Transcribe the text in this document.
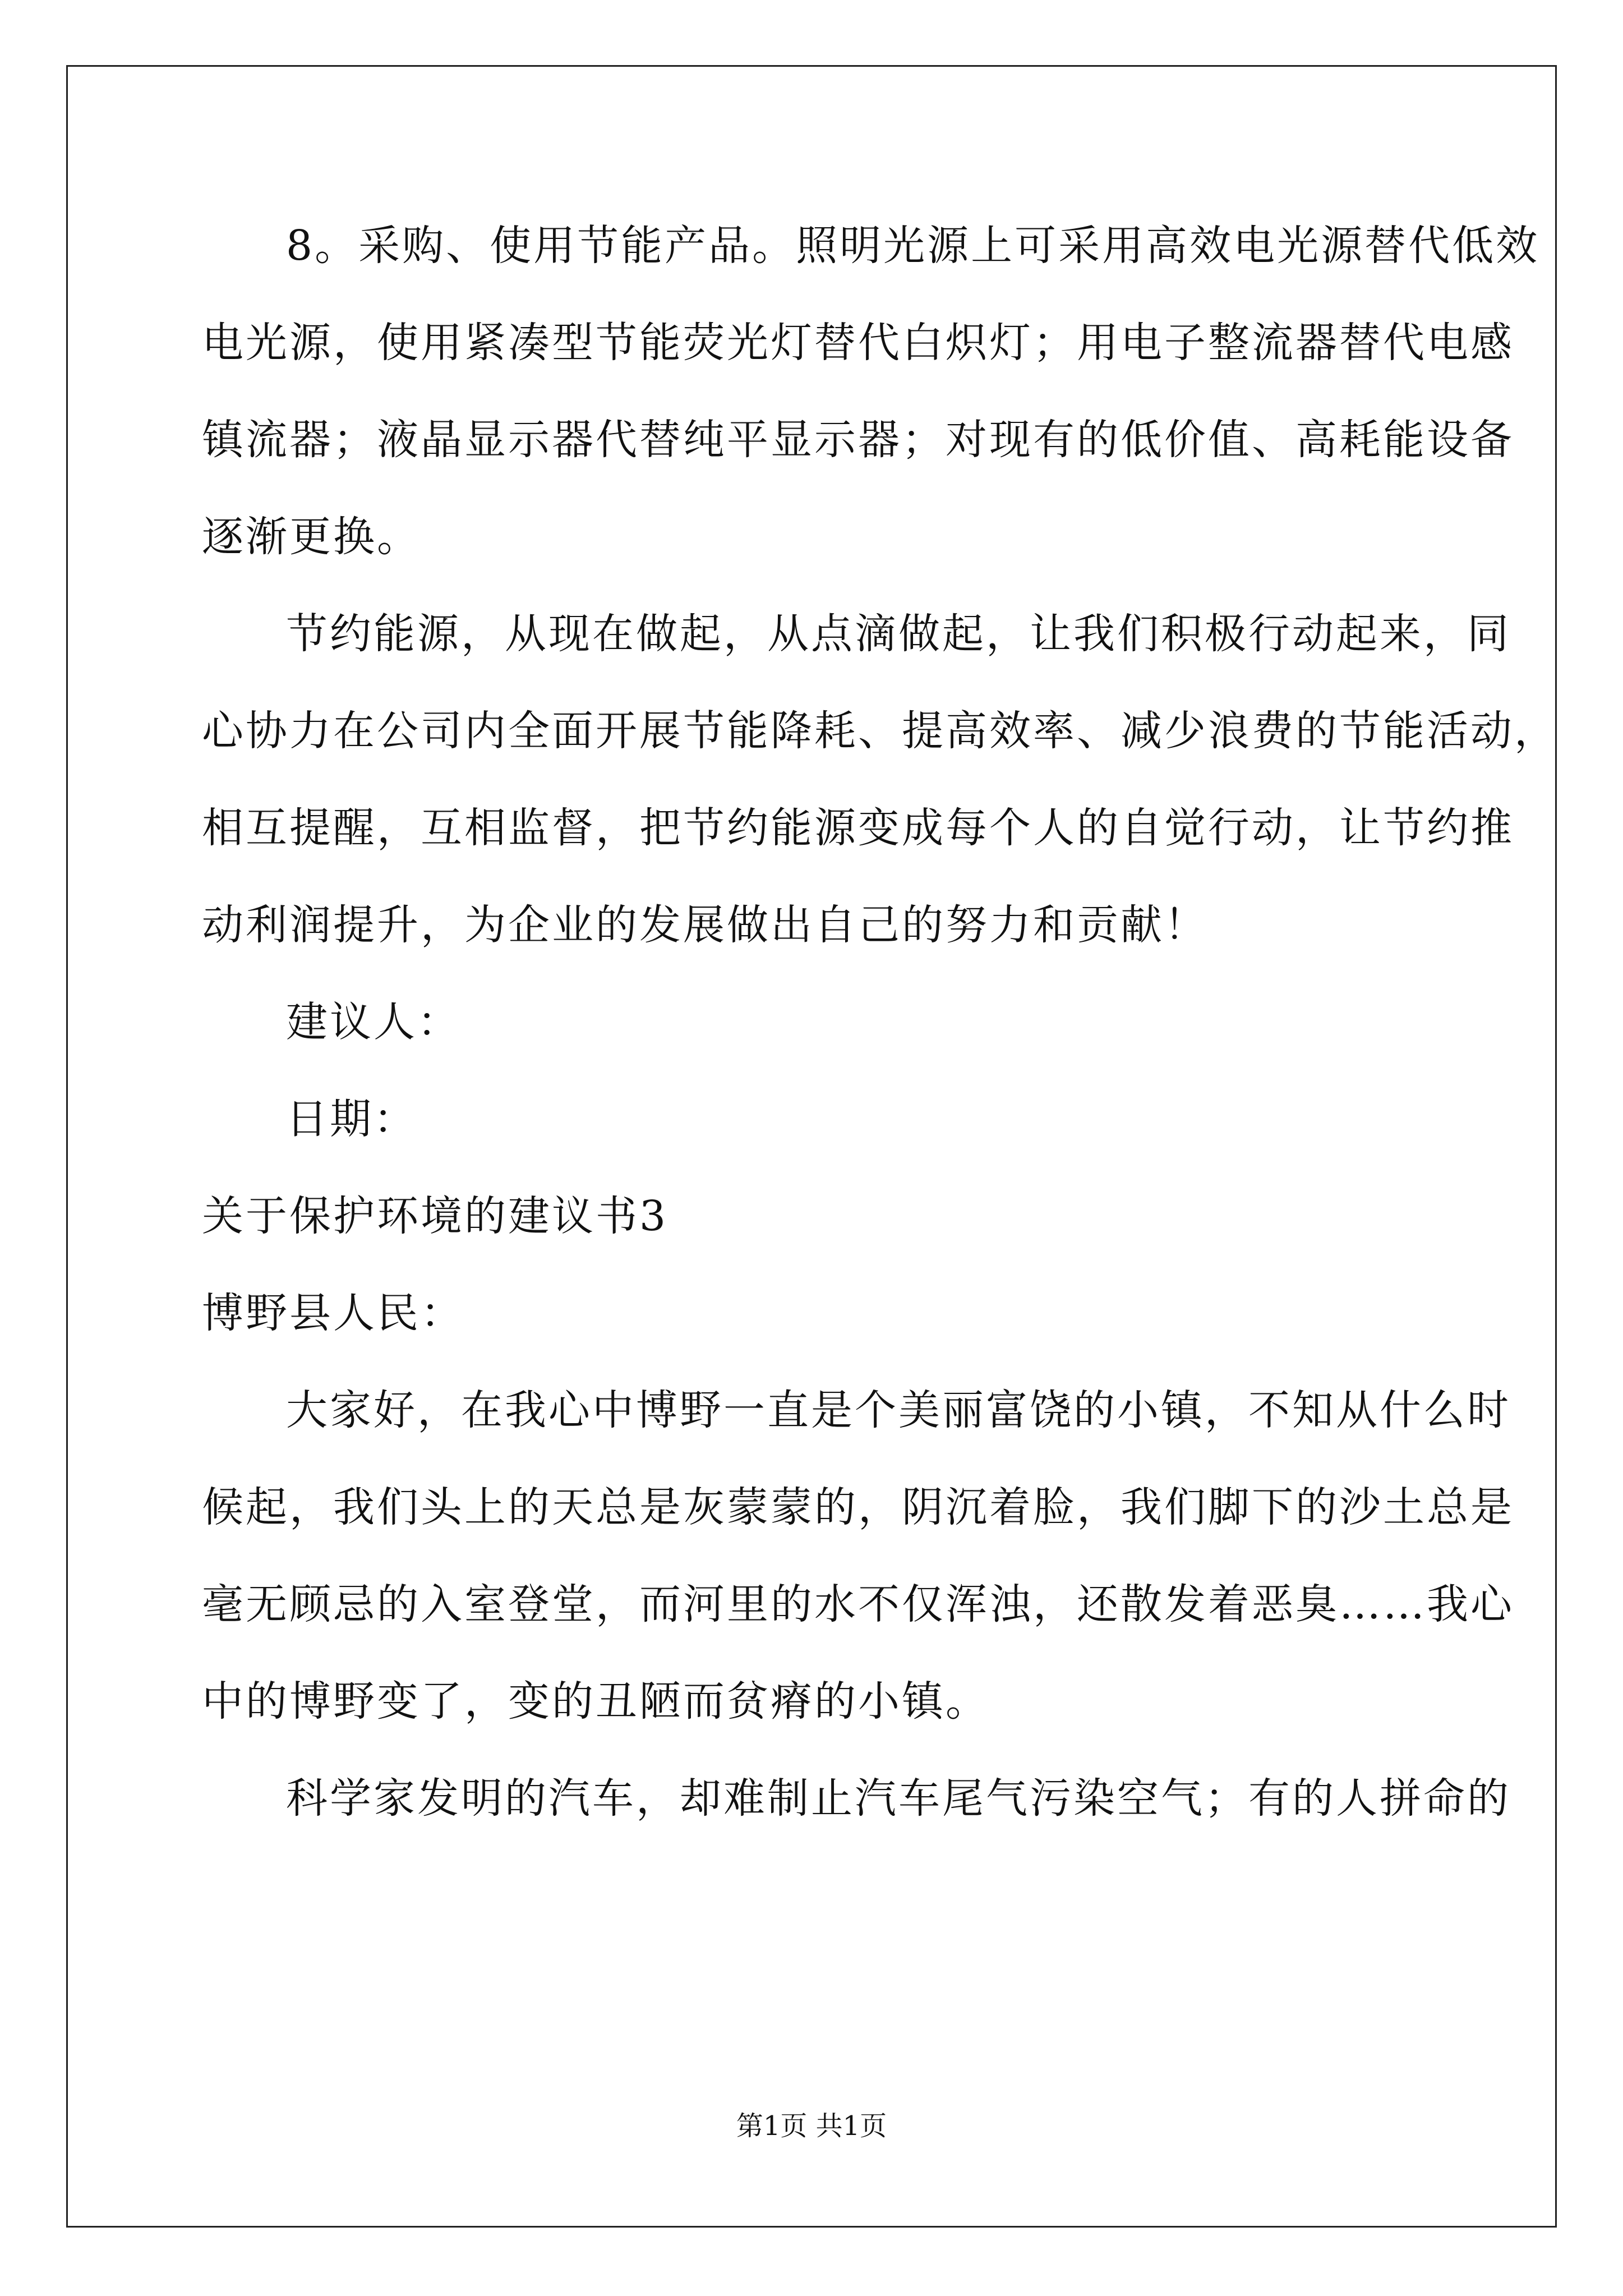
8。采购、使用节能产品。照明光源上可采用高效电光源替代低效
电光源，使用紧凑型节能荧光灯替代白炽灯；用电子整流器替代电感
镇流器；液晶显示器代替纯平显示器；对现有的低价值、高耗能设备
逐渐更换。
节约能源，从现在做起，从点滴做起，让我们积极行动起来，同
心协力在公司内全面开展节能降耗、提高效率、减少浪费的节能活动，
相互提醒，互相监督，把节约能源变成每个人的自觉行动，让节约推
动利润提升，为企业的发展做出自己的努力和贡献！
建议人：
日期：
关于保护环境的建议书3
博野县人民：
大家好，在我心中博野一直是个美丽富饶的小镇，不知从什么时
候起，我们头上的天总是灰蒙蒙的，阴沉着脸，我们脚下的沙土总是
毫无顾忌的入室登堂，而河里的水不仅浑浊，还散发着恶臭……我心
中的博野变了，变的丑陋而贫瘠的小镇。
科学家发明的汽车，却难制止汽车尾气污染空气；有的人拼命的
第1页 共1页
